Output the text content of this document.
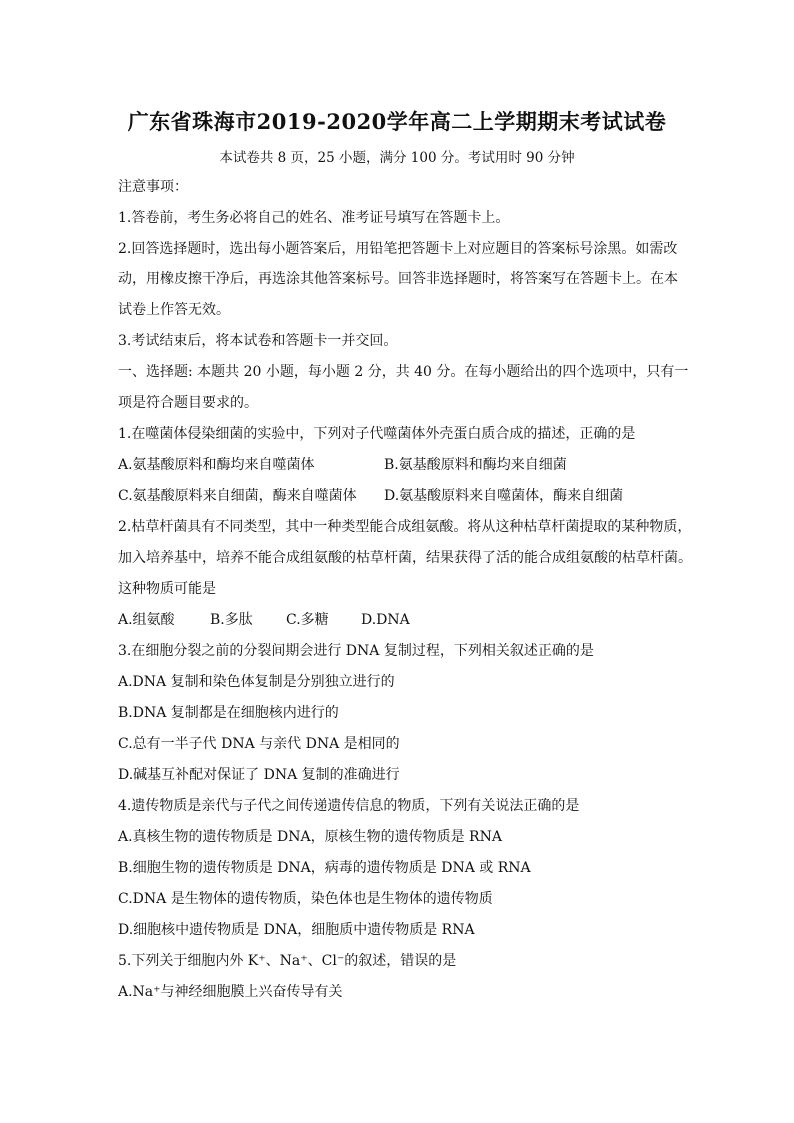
广东省珠海市2019-2020学年高二上学期期末考试试卷
本试卷共 8 页，25 小题，满分 100 分。考试用时 90 分钟
注意事项：
1.答卷前，考生务必将自己的姓名、准考证号填写在答题卡上。
2.回答选择题时，选出每小题答案后，用铅笔把答题卡上对应题目的答案标号涂黑。如需改
动，用橡皮擦干净后，再选涂其他答案标号。回答非选择题时，将答案写在答题卡上。在本
试卷上作答无效。
3.考试结束后，将本试卷和答题卡一并交回。
一、选择题: 本题共 20 小题，每小题 2 分，共 40 分。在每小题给出的四个选项中，只有一
项是符合题目要求的。
1.在噬菌体侵染细菌的实验中，下列对子代噬菌体外壳蛋白质合成的描述，正确的是
A.氨基酸原料和酶均来自噬菌体	B.氨基酸原料和酶均来自细菌
C.氨基酸原料来自细菌，酶来自噬菌体 D.氨基酸原料来自噬菌体，酶来自细菌
2.枯草杆菌具有不同类型，其中一种类型能合成组氨酸。将从这种枯草杆菌提取的某种物质，
加入培养基中，培养不能合成组氨酸的枯草杆菌，结果获得了活的能合成组氨酸的枯草杆菌。
这种物质可能是
A.组氨酸	B.多肽 C.多糖 D.DNA
3.在细胞分裂之前的分裂间期会进行 DNA 复制过程，下列相关叙述正确的是
A.DNA 复制和染色体复制是分别独立进行的
B.DNA 复制都是在细胞核内进行的
C.总有一半子代 DNA 与亲代 DNA 是相同的
D.碱基互补配对保证了 DNA 复制的准确进行
4.遗传物质是亲代与子代之间传递遗传信息的物质，下列有关说法正确的是
A.真核生物的遗传物质是 DNA，原核生物的遗传物质是 RNA
B.细胞生物的遗传物质是 DNA，病毒的遗传物质是 DNA 或 RNA
C.DNA 是生物体的遗传物质，染色体也是生物体的遗传物质
D.细胞核中遗传物质是 DNA，细胞质中遗传物质是 RNA
5.下列关于细胞内外 K⁺、Na⁺、Cl⁻的叙述，错误的是
A.Na⁺与神经细胞膜上兴奋传导有关
